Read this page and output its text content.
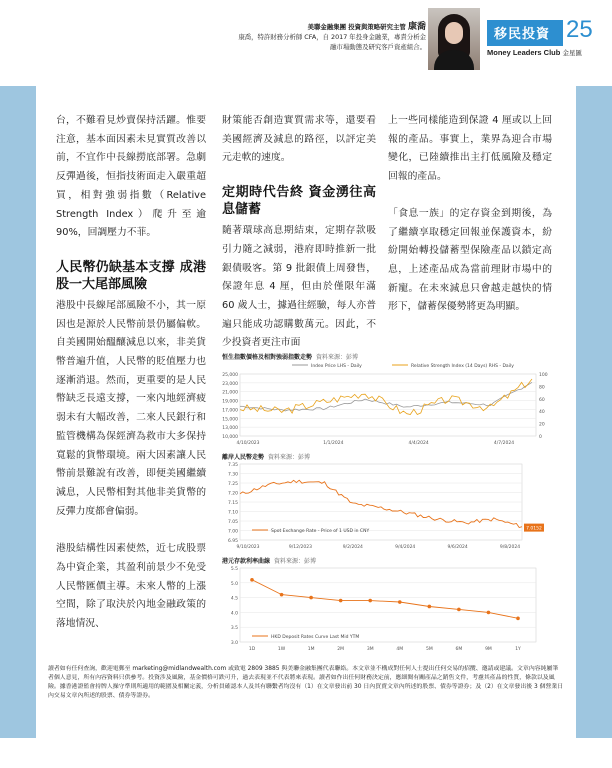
美聯金融集團 投資與策略研究主管 康喬
康喬，特許財務分析師 CFA，自 2017 年投身金融業，專責分析金融市場動態及研究客戶資產組合。
移民投資 25
Money Leaders Club 金星匯

台，不難看見炒賣保持活躍。惟要注意，基本面因素未見實質改善以前，不宜作中長線撈底部署。急劇反彈過後，恒指技術面走入嚴重超買，相對強弱指數（Relative Strength Index）爬升至逾 90%，回調壓力不菲。

人民幣仍缺基本支撐 成港股一大尾部風險

港股中長線尾部風險不小，其一原因也是源於人民幣前景仍屬偏軟。自美國開始醞釀減息以來，非美貨幣普遍升值，人民幣的貶值壓力也逐漸消退。然而，更重要的是人民幣缺乏長遠支撐，一來內地經濟疲弱未有大幅改善，二來人民銀行和監管機構為保經濟為救市大多保持寬鬆的貨幣環境。兩大因素讓人民幣前景難說有改善，即便美國繼續減息，人民幣相對其他非美貨幣的反彈力度都會偏弱。

港股結構性因素使然，近七成股票為中資企業，其盈利前景少不免受人民幣匯價主導。未來人幣的上漲空間，除了取決於內地金融政策的落地情況、

財策能否創造實質需求等，還要看美國經濟及減息的路徑，以評定美元走軟的速度。

定期時代告終 資金湧往高息儲蓄

隨著環球高息期結束，定期存款吸引力隨之減弱，港府即時推新一批銀債吸客。第 9 批銀債上周發售，保證年息 4 厘，但由於僅限年滿 60 歲人士，據過往經驗，每人亦普遍只能成功認購數萬元。因此，不少投資者更注市面

上一些同樣能造到保證 4 厘或以上回報的產品。事實上，業界為迎合市場變化，已陸續推出主打低風險及穩定回報的產品。

「食息一族」的定存資金到期後，為了繼續享取穩定回報並保護資本，紛紛開始轉投儲蓄型保險產品以鎖定高息，上述產品成為當前理財市場中的新寵。在未來減息只會越走越快的情形下，儲蓄保優勢將更為明顯。

恒生指數價格及相對強弱指數走勢 資料來源：彭博
25,000
23,000
21,000
19,000
17,000
15,000
13,000
10,000
100
80
60
40
20
0
4/10/2023	1/1/2024	4/4/2024	4/7/2024
Index Price LHS - Daily	Relative Strength Index (14 Days) RHS - Daily
離岸人民幣走勢 資料來源：彭博
7.35
7.30
7.25
7.20
7.15
7.10
7.05
7.00
6.95
9/10/2023	9/12/2023	9/2/2024	9/4/2024	9/6/2024	9/8/2024
7.0152
Spot Exchange Rate - Price of 1 USD in CNY
港元存款利率曲線 資料來源：彭博
5.5
5.0
4.5
4.0
3.5
3.0
1D	1W	1M	2M	3M	4M	5M	6M	9M	1Y
HKD Deposit Rates Curve Last Mid YTM

讀者如有任何查詢，歡迎電郵至 marketing@midlandwealth.com 或致電 2809 3885 與美聯金融集團代表聯絡。本文章並不構成對任何人士提出任何交易的招攬、邀請或建議。文章內容純屬筆者個人意見，所有內容資料只供參考。投資涉及風險，基金價格可跌可升，過去表現並不代表將來表現。讀者如作出任何財務決定前，應細閱有關產品之銷售文件，考慮其產品的性質，條款以及風險。據香港證監會持牌人操守準則所適用的範圍及相關定義，分析員確認本人及其有聯繫者均沒有（1）在文章發出前 30 日內買賣文章內所述的股票、債券等證券；及（2）在文章發出後 3 個營業日內交易文章內所述的股票、債券等證券。
